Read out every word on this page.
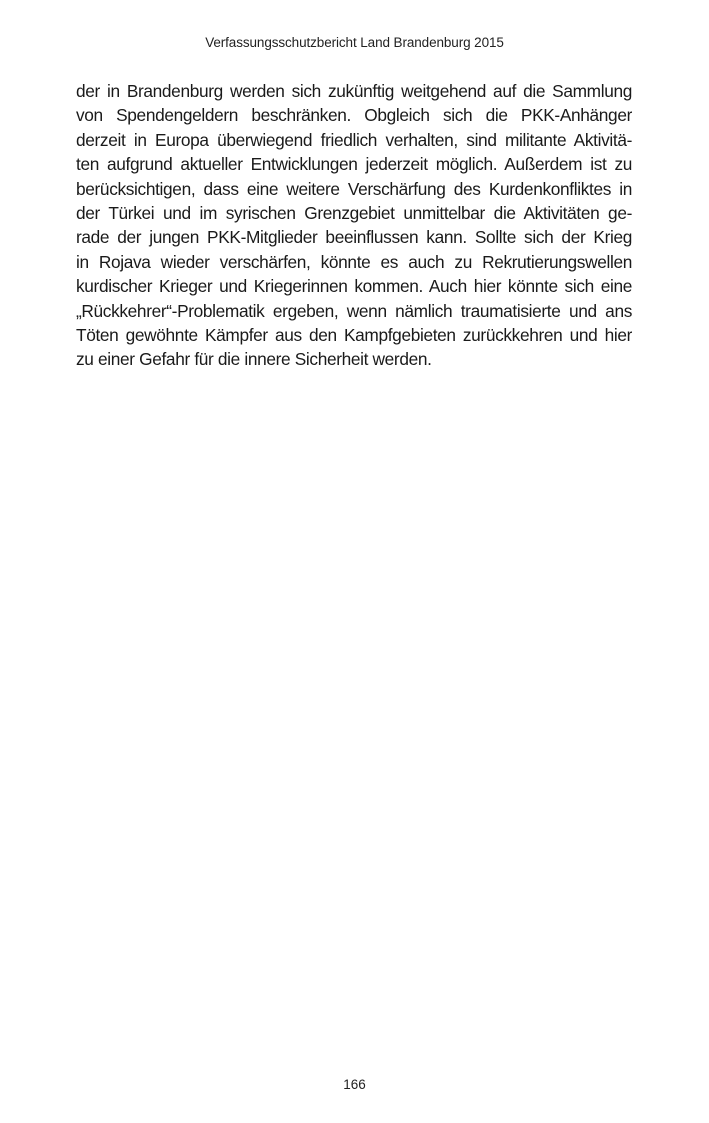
Verfassungsschutzbericht Land Brandenburg 2015
der in Brandenburg werden sich zukünftig weitgehend auf die Sammlung
von Spendengeldern beschränken. Obgleich sich die PKK-Anhänger
derzeit in Europa überwiegend friedlich verhalten, sind militante Aktivitä-
ten aufgrund aktueller Entwicklungen jederzeit möglich. Außerdem ist zu
berücksichtigen, dass eine weitere Verschärfung des Kurdenkonfliktes in
der Türkei und im syrischen Grenzgebiet unmittelbar die Aktivitäten ge-
rade der jungen PKK-Mitglieder beeinflussen kann. Sollte sich der Krieg
in Rojava wieder verschärfen, könnte es auch zu Rekrutierungswellen
kurdischer Krieger und Kriegerinnen kommen. Auch hier könnte sich eine
„Rückkehrer“-Problematik ergeben, wenn nämlich traumatisierte und ans
Töten gewöhnte Kämpfer aus den Kampfgebieten zurückkehren und hier
zu einer Gefahr für die innere Sicherheit werden.
166
